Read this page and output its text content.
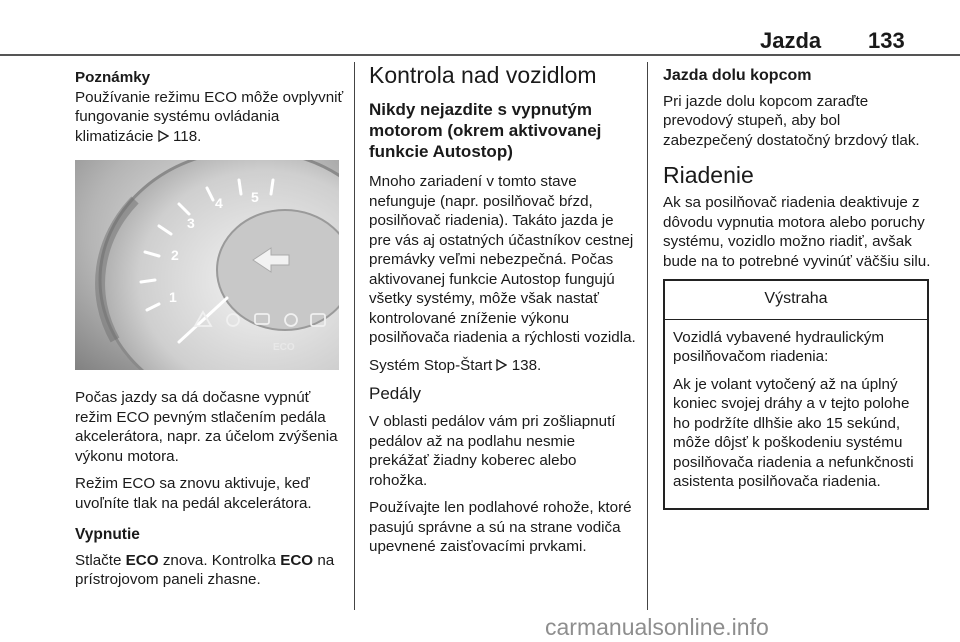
Jazda 133
Poznámky
Používanie režimu ECO môže ovplyvniť fungovanie systému ovládania klimatizácie 118.
1
2
3
4 5
ECO

Počas jazdy sa dá dočasne vypnúť režim ECO pevným stlačením pedála akcelerátora, napr. za účelom zvýšenia výkonu motora.

Režim ECO sa znovu aktivuje, keď uvoľníte tlak na pedál akcelerátora.

Vypnutie
Stlačte ECO znova. Kontrolka ECO na prístrojovom paneli zhasne.
Kontrola nad vozidlom
Nikdy nejazdite s vypnutým motorom (okrem aktivovanej funkcie Autostop)

Mnoho zariadení v tomto stave nefunguje (napr. posilňovač bŕzd, posilňovač riadenia). Takáto jazda je pre vás aj ostatných účastníkov cestnej premávky veľmi nebezpečná. Počas aktivovanej funkcie Autostop fungujú všetky systémy, môže však nastať kontrolované zníženie výkonu posilňovača riadenia a rýchlosti vozidla.

Systém Stop-Štart 138.

Pedály

V oblasti pedálov vám pri zošliapnutí pedálov až na podlahu nesmie prekážať žiadny koberec alebo rohožka.

Používajte len podlahové rohože, ktoré pasujú správne a sú na strane vodiča upevnené zaisťovacími prvkami.

Jazda dolu kopcom

Pri jazde dolu kopcom zaraďte prevodový stupeň, aby bol zabezpečený dostatočný brzdový tlak.

Riadenie

Ak sa posilňovač riadenia deaktivuje z dôvodu vypnutia motora alebo poruchy systému, vozidlo možno riadiť, avšak bude na to potrebné vyvinúť väčšiu silu.

Výstraha

Vozidlá vybavené hydraulickým posilňovačom riadenia:

Ak je volant vytočený až na úplný koniec svojej dráhy a v tejto polohe ho podržíte dlhšie ako 15 sekúnd, môže dôjsť k poškodeniu systému posilňovača riadenia a nefunkčnosti asistenta posilňovača riadenia.

carmanualsonline.info
